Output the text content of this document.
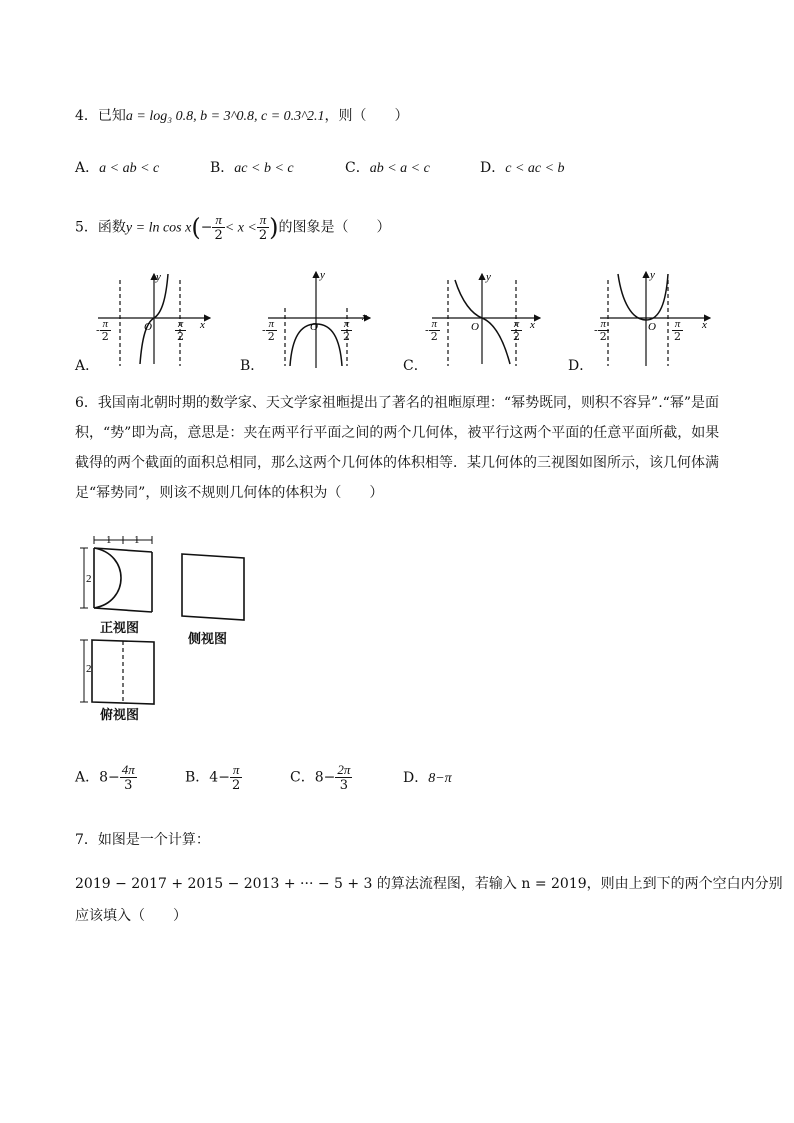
4．已知a = log₃ 0.8, b = 3^0.8, c = 0.3^2.1，则（　　）
A．a < ab < c	B．ac < b < c	C．ab < a < c	D．c < ac < b
5．函数$y = \ln \cos x(- \frac{\pi}{2} < x < \frac{\pi}{2}$ )的图象是（　　）
y
x
O
y
x
O
y
x
O
y
x
O
- $\frac{\pi}{2}$	$\frac{\pi}{2}$	- $\frac{\pi}{2}$	$\frac{\pi}{2}$	- $\frac{\pi}{2}$	$\frac{\pi}{2}$	- $\frac{\pi}{2}$	$\frac{\pi}{2}$
A．	B．	C．	D．
6．我国南北朝时期的数学家、天文学家祖暅提出了著名的祖暅原理：“幂势既同，则积不容异”.“幂”是面积，“势”即为高，意思是：夹在两平行平面之间的两个几何体，被平行这两个平面的任意平面所截，如果截得的两个截面的面积总相同，那么这两个几何体的体积相等．某几何体的三视图如图所示，该几何体满足“幂势同”，则该不规则几何体的体积为（　　）
1 1
2
2
正视图
侧视图
俯视图
A．$8- \frac{4\pi}{3}$	B．$4- \frac{\pi}{2}$	C．$8- \frac{2\pi}{3}$	D．8−π
7．如图是一个计算：
2019 − 2017 + 2015 − 2013 + ··· − 5 + 3 的算法流程图，若输入 n = 2019，则由上到下的两个空白内分别
应该填入（　　）
